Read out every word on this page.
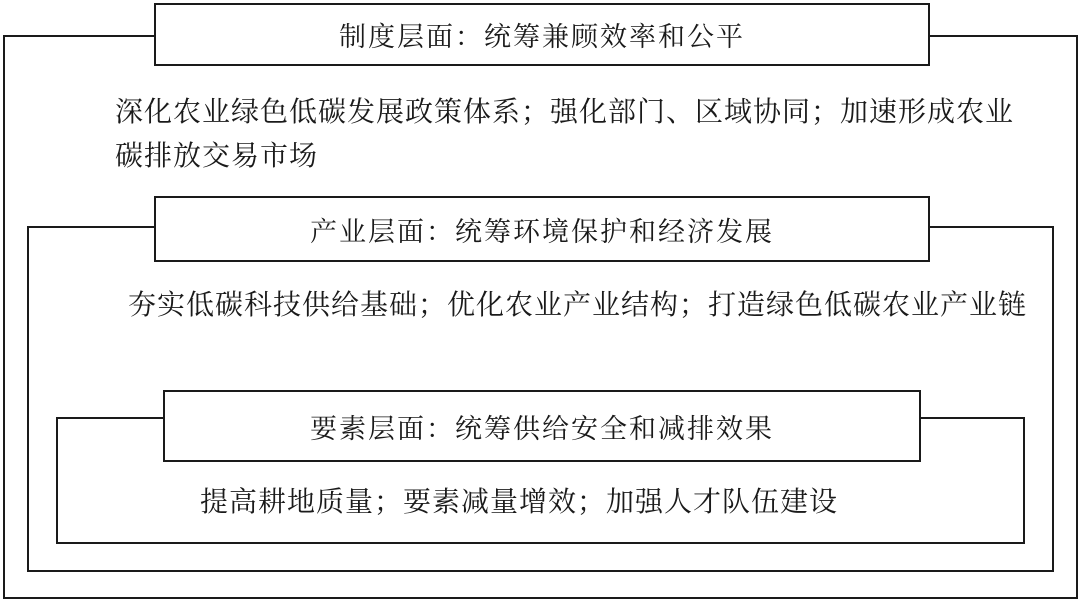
制度层面：统筹兼顾效率和公平
深化农业绿色低碳发展政策体系；强化部门、区域协同；加速形成农业碳排放交易市场
产业层面：统筹环境保护和经济发展
夯实低碳科技供给基础；优化农业产业结构；打造绿色低碳农业产业链
要素层面：统筹供给安全和减排效果
提高耕地质量；要素减量增效；加强人才队伍建设
